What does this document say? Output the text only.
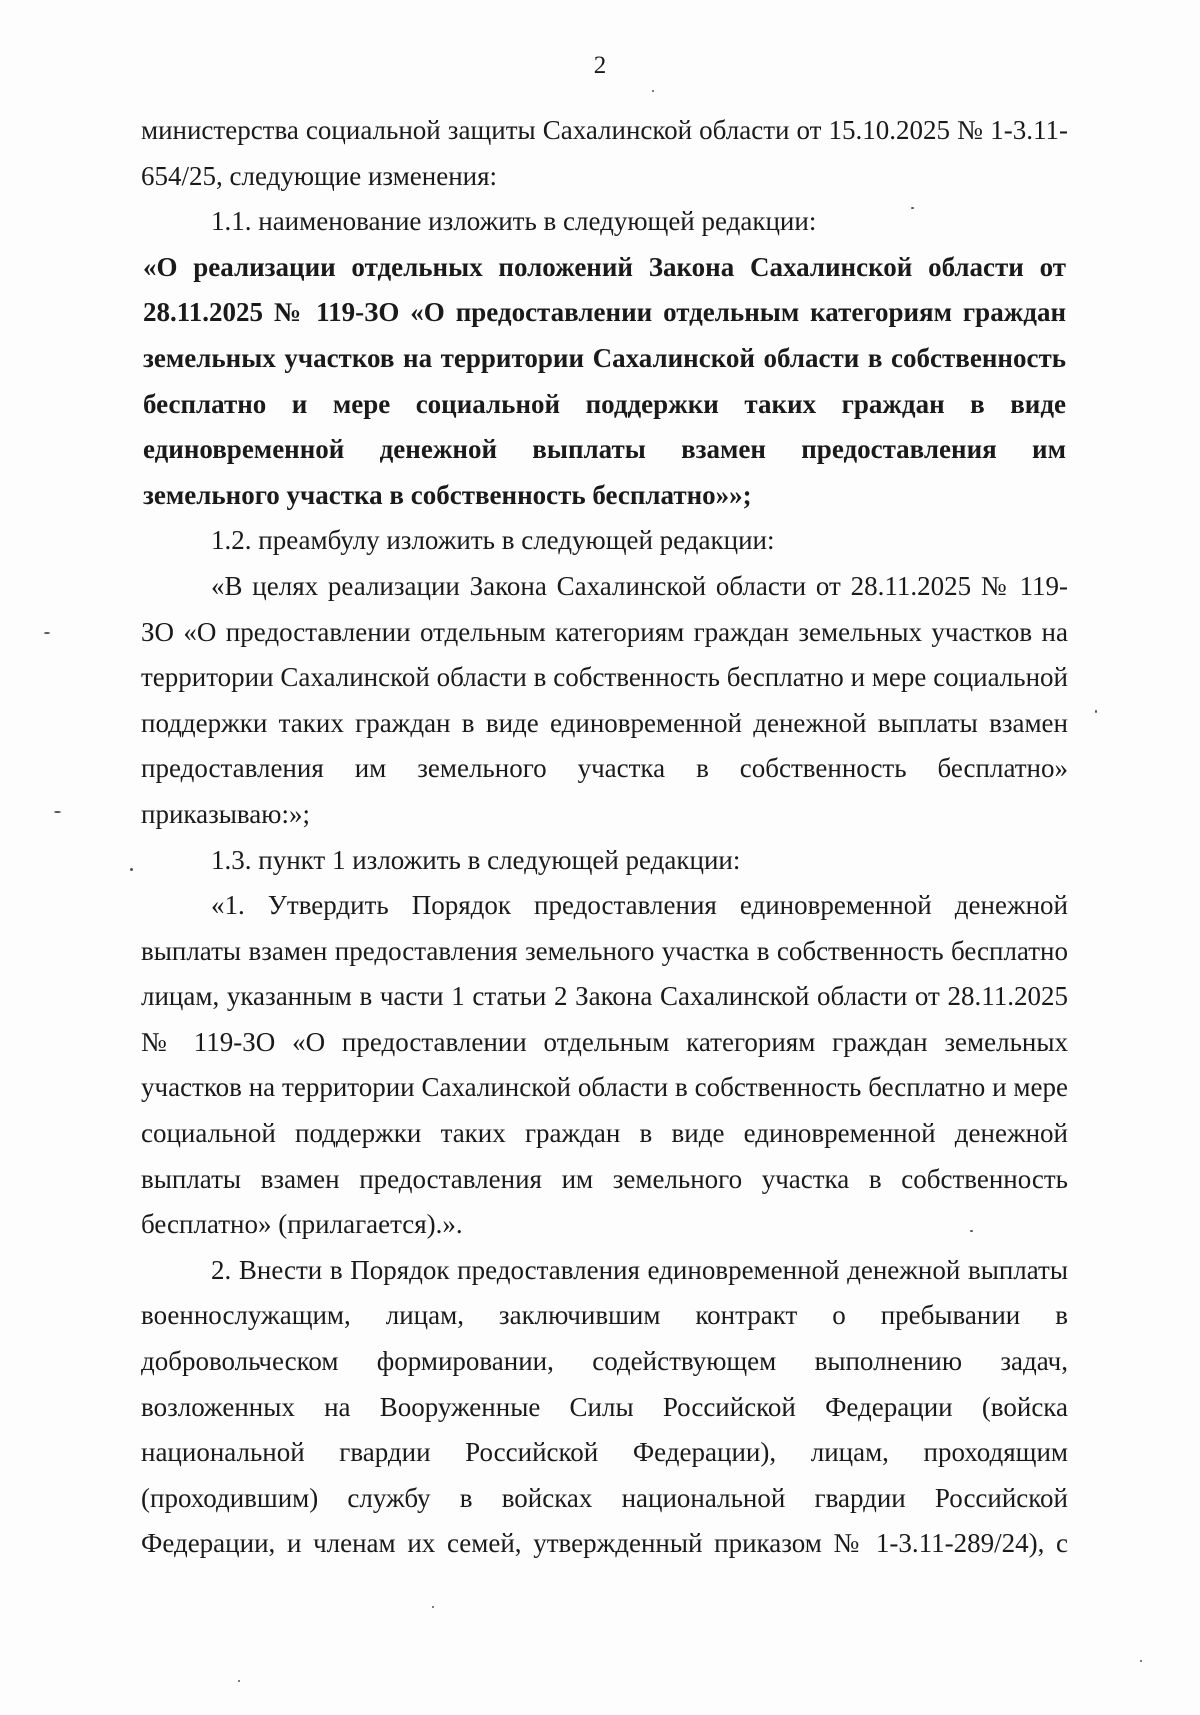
2

министерства социальной защиты Сахалинской области от 15.10.2025 № 1-3.11-654/25, следующие изменения:

1.1. наименование изложить в следующей редакции:

«О реализации отдельных положений Закона Сахалинской области от 28.11.2025 № 119-ЗО «О предоставлении отдельным категориям граждан земельных участков на территории Сахалинской области в собственность бесплатно и мере социальной поддержки таких граждан в виде единовременной денежной выплаты взамен предоставления им земельного участка в собственность бесплатно»»;

1.2. преамбулу изложить в следующей редакции:

«В целях реализации Закона Сахалинской области от 28.11.2025 № 119-ЗО «О предоставлении отдельным категориям граждан земельных участков на территории Сахалинской области в собственность бесплатно и мере социальной поддержки таких граждан в виде единовременной денежной выплаты взамен предоставления им земельного участка в собственность бесплатно» приказываю:»;

1.3. пункт 1 изложить в следующей редакции:

«1. Утвердить Порядок предоставления единовременной денежной выплаты взамен предоставления земельного участка в собственность бесплатно лицам, указанным в части 1 статьи 2 Закона Сахалинской области от 28.11.2025 № 119-ЗО «О предоставлении отдельным категориям граждан земельных участков на территории Сахалинской области в собственность бесплатно и мере социальной поддержки таких граждан в виде единовременной денежной выплаты взамен предоставления им земельного участка в собственность бесплатно» (прилагается).».

2. Внести в Порядок предоставления единовременной денежной выплаты военнослужащим, лицам, заключившим контракт о пребывании в добровольческом формировании, содействующем выполнению задач, возложенных на Вооруженные Силы Российской Федерации (войска национальной гвардии Российской Федерации), лицам, проходящим (проходившим) службу в войсках национальной гвардии Российской Федерации, и членам их семей, утвержденный приказом № 1-3.11-289/24), с
